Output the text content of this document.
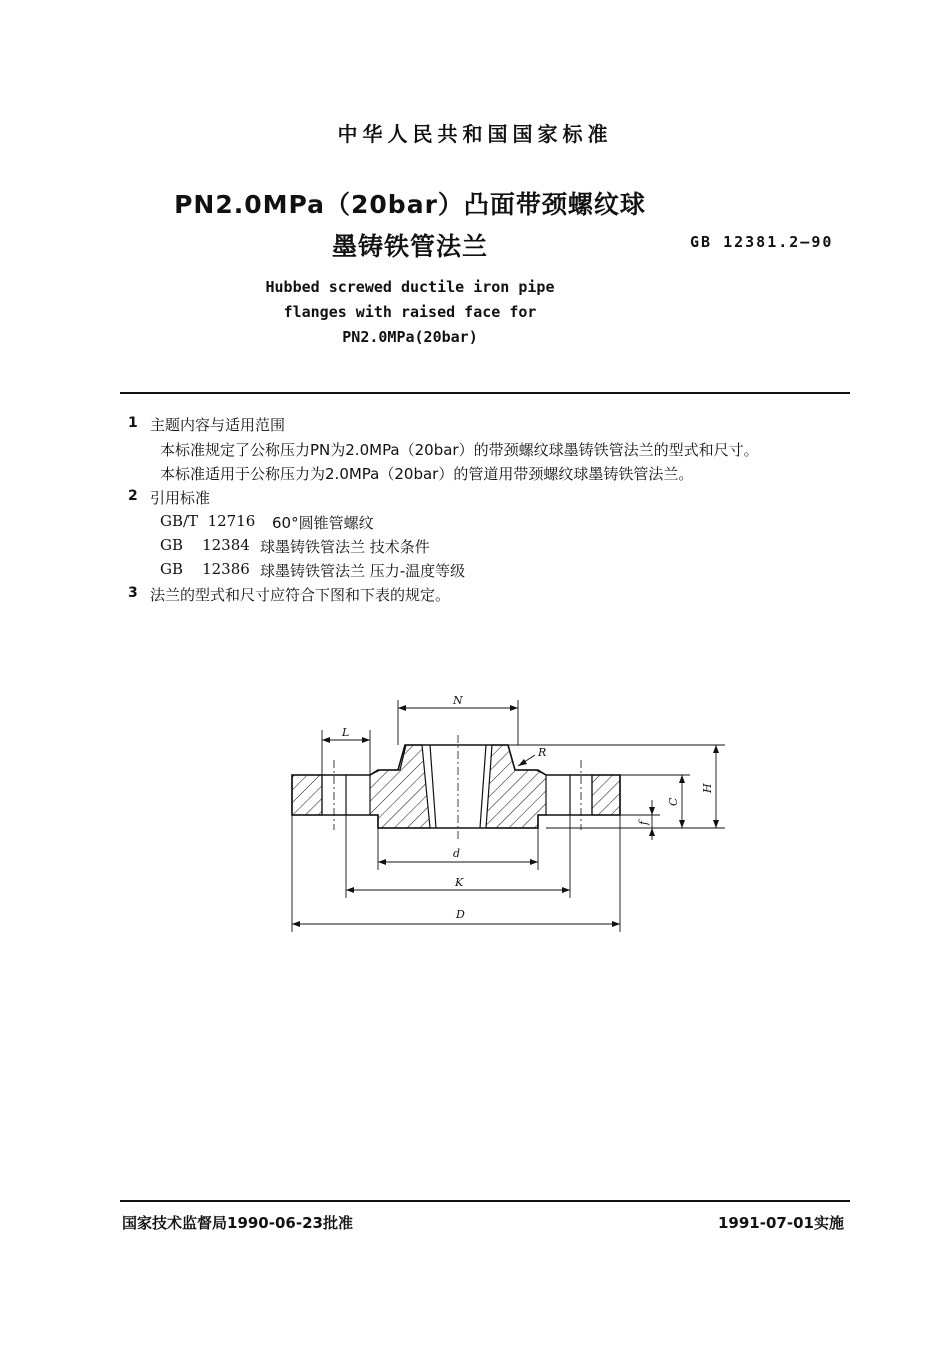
中华人民共和国国家标准
PN2.0MPa（20bar）凸面带颈螺纹球
墨铸铁管法兰	GB 12381.2—90
Hubbed screwed ductile iron pipe
flanges with raised face for
PN2.0MPa(20bar)
1 主题内容与适用范围
本标准规定了公称压力PN为2.0MPa（20bar）的带颈螺纹球墨铸铁管法兰的型式和尺寸。
本标准适用于公称压力为2.0MPa（20bar）的管道用带颈螺纹球墨铸铁管法兰。
2 引用标准
GB/T  12716 60°圆锥管螺纹
GB    12384 球墨铸铁管法兰 技术条件
GB    12386 球墨铸铁管法兰 压力-温度等级
3 法兰的型式和尺寸应符合下图和下表的规定。
N
L
R
d
K
D
H
C
f
国家技术监督局1990-06-23批准	1991-07-01实施
